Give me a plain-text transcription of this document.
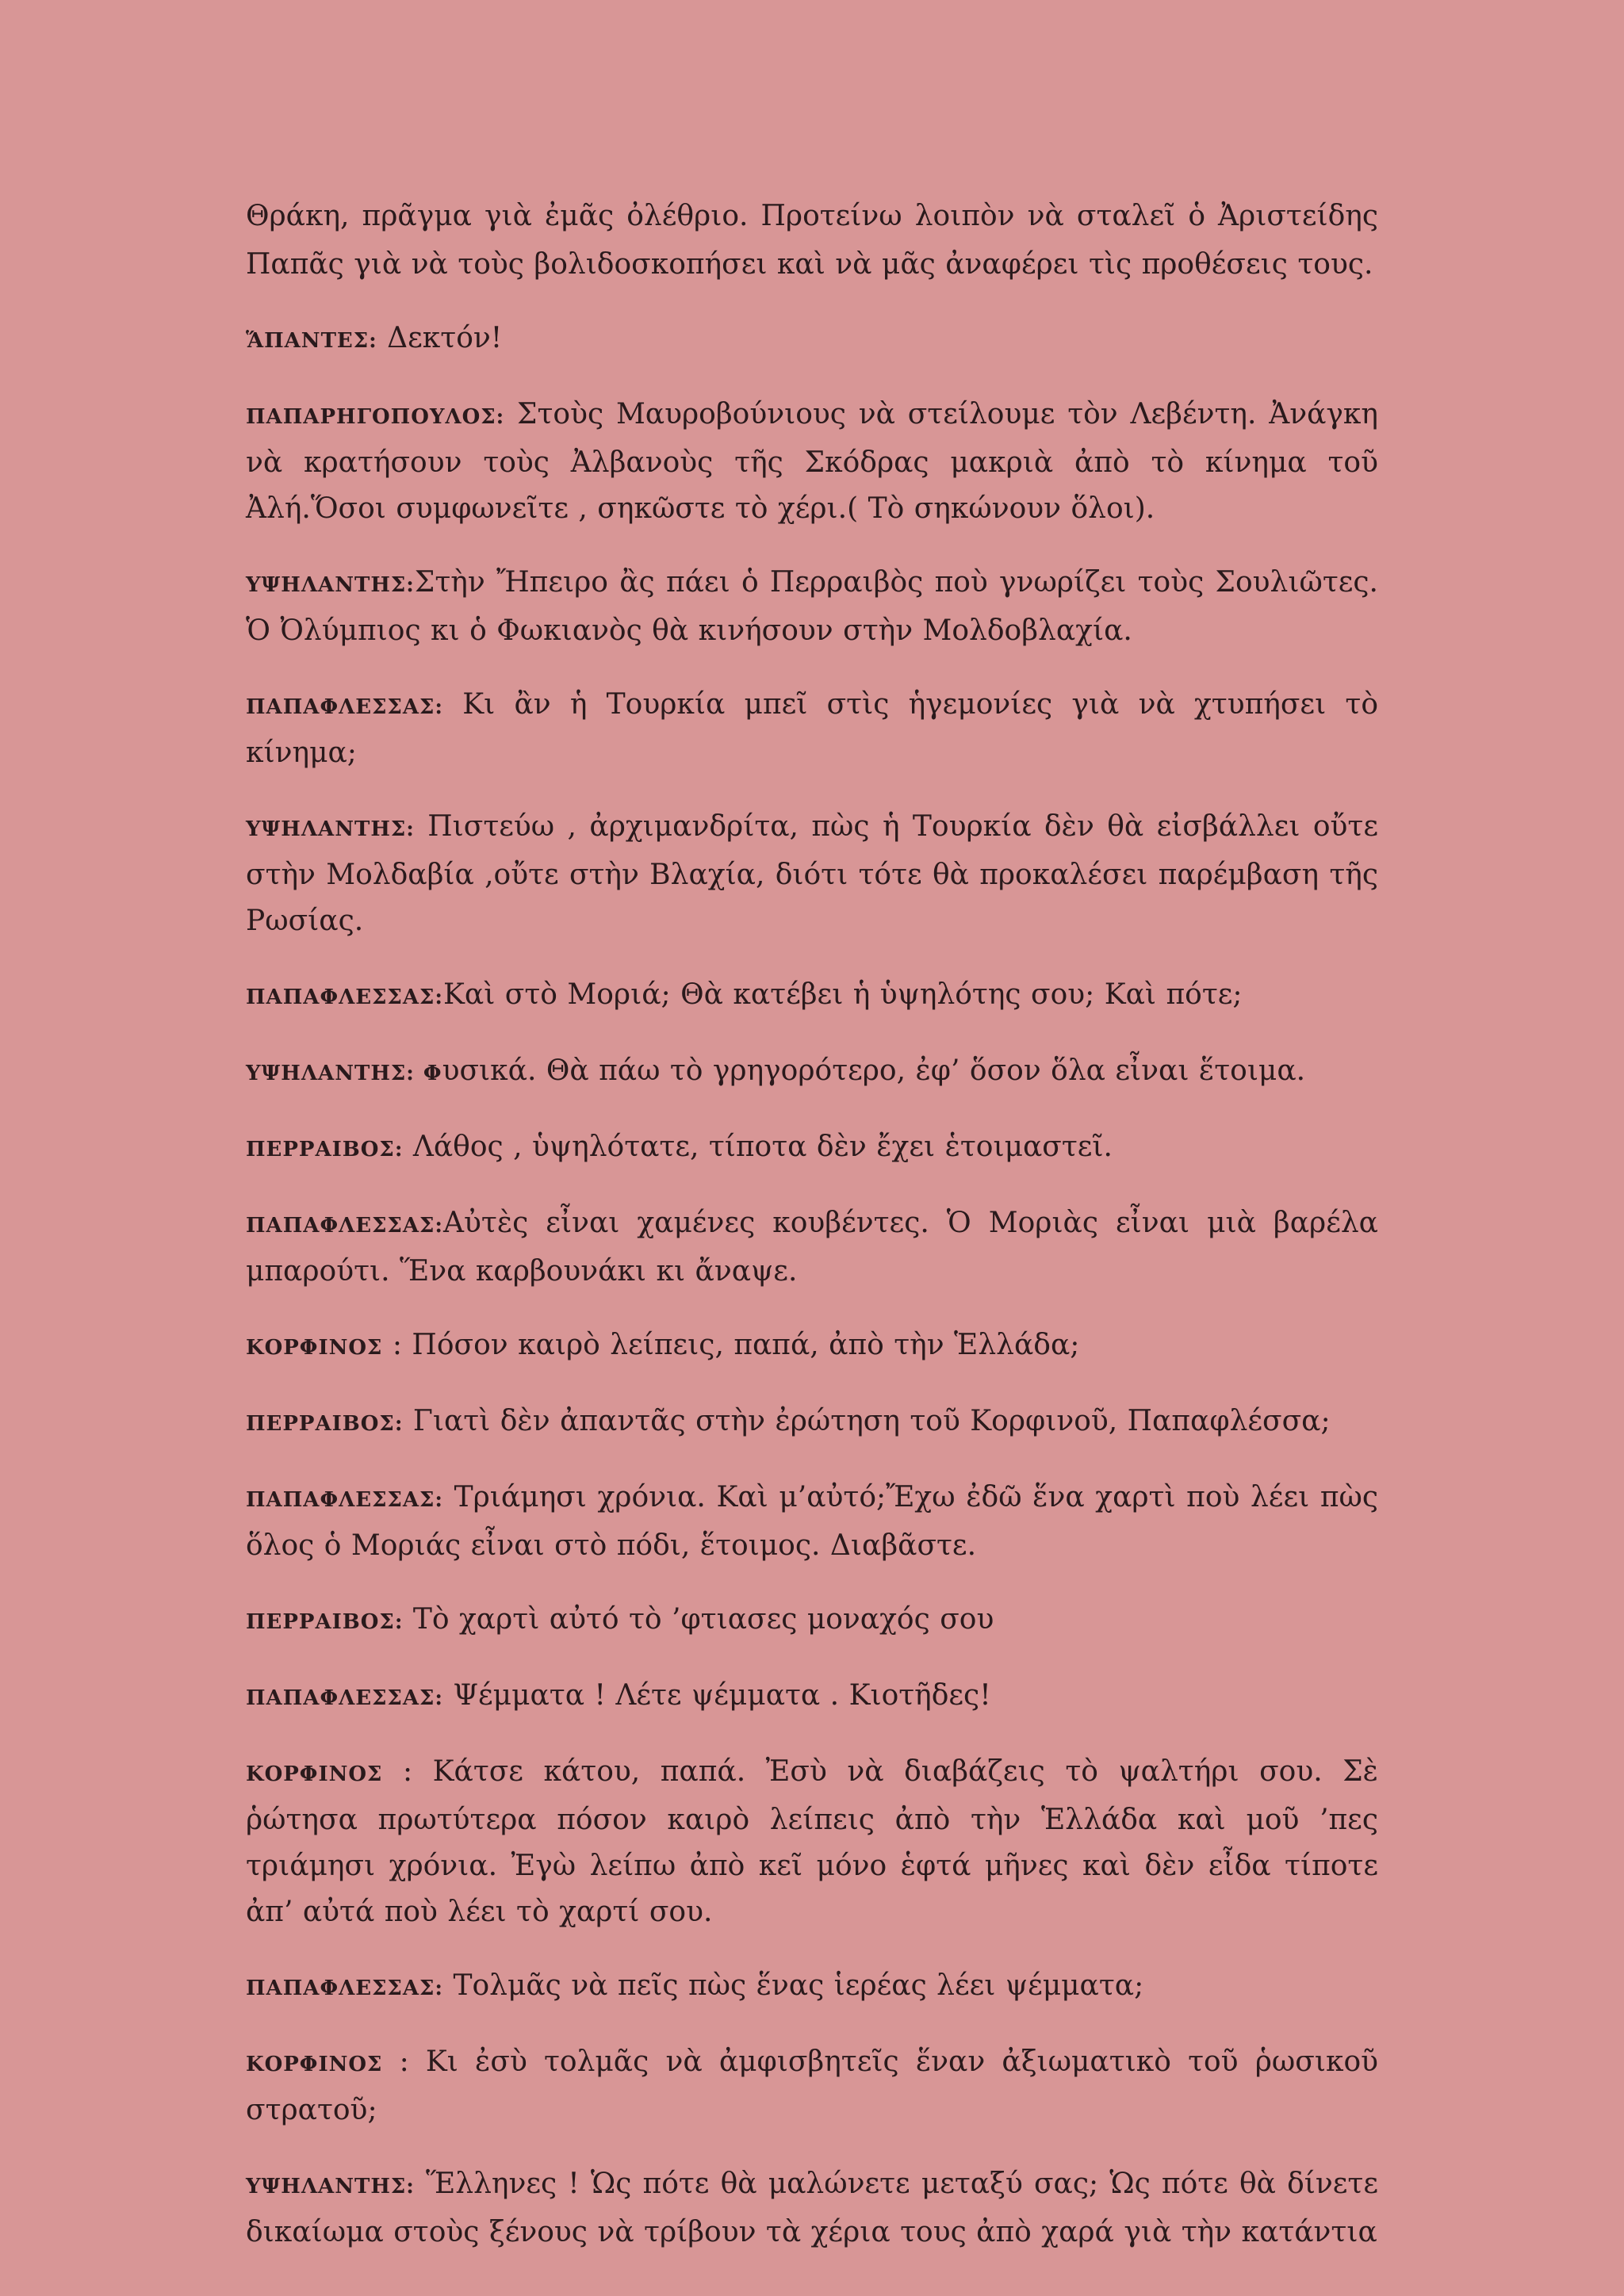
Θράκη, πρᾶγμα γιὰ ἐμᾶς ὀλέθριο. Προτείνω λοιπὸν νὰ σταλεῖ ὁ Ἀριστείδης Παπᾶς γιὰ νὰ τοὺς βολιδοσκοπήσει καὶ νὰ μᾶς ἀναφέρει τὶς προθέσεις τους.

ἍΠΑΝΤΕΣ: Δεκτόν!

ΠΑΠΑΡΗΓΟΠΟΥΛΟΣ: Στοὺς Μαυροβούνιους νὰ στείλουμε τὸν Λεβέντη. Ἀνάγκη νὰ κρατήσουν τοὺς Ἀλβανοὺς τῆς Σκόδρας μακριὰ ἀπὸ τὸ κίνημα τοῦ Ἀλή.Ὅσοι συμφωνεῖτε , σηκῶστε τὸ χέρι.( Τὸ σηκώνουν ὅλοι).

ΥΨΗΛΑΝΤΗΣ:Στὴν Ἤπειρο ἂς πάει ὁ Περραιβὸς ποὺ γνωρίζει τοὺς Σουλιῶτες. Ὁ Ὀλύμπιος κι ὁ Φωκιανὸς θὰ κινήσουν στὴν Μολδοβλαχία.

ΠΑΠΑΦΛΕΣΣΑΣ: Κι ἂν ἡ Τουρκία μπεῖ στὶς ἡγεμονίες γιὰ νὰ χτυπήσει τὸ κίνημα;

ΥΨΗΛΑΝΤΗΣ: Πιστεύω , ἀρχιμανδρίτα, πὼς ἡ Τουρκία δὲν θὰ εἰσβάλλει οὔτε στὴν Μολδαβία ,οὔτε στὴν Βλαχία, διότι τότε θὰ προκαλέσει παρέμβαση τῆς Ρωσίας.

ΠΑΠΑΦΛΕΣΣΑΣ:Καὶ στὸ Μοριά; Θὰ κατέβει ἡ ὑψηλότης σου; Καὶ πότε;

ΥΨΗΛΑΝΤΗΣ: Φυσικά. Θὰ πάω τὸ γρηγορότερο, ἐφ’ ὅσον ὅλα εἶναι ἕτοιμα.

ΠΕΡΡΑΙΒΟΣ: Λάθος , ὑψηλότατε, τίποτα δὲν ἔχει ἑτοιμαστεῖ.

ΠΑΠΑΦΛΕΣΣΑΣ:Αὐτὲς εἶναι χαμένες κουβέντες. Ὁ Μοριὰς εἶναι μιὰ βαρέλα μπαρούτι. Ἕνα καρβουνάκι κι ἄναψε.

ΚΟΡΦΙΝΟΣ : Πόσον καιρὸ λείπεις, παπά, ἀπὸ τὴν Ἑλλάδα;

ΠΕΡΡΑΙΒΟΣ: Γιατὶ δὲν ἀπαντᾶς στὴν ἐρώτηση τοῦ Κορφινοῦ, Παπαφλέσσα;

ΠΑΠΑΦΛΕΣΣΑΣ: Τριάμησι χρόνια. Καὶ μ’αὐτό;Ἔχω ἐδῶ ἕνα χαρτὶ ποὺ λέει πὼς ὅλος ὁ Μοριάς εἶναι στὸ πόδι, ἕτοιμος. Διαβᾶστε.

ΠΕΡΡΑΙΒΟΣ: Τὸ χαρτὶ αὐτό τὸ ’φτιασες μοναχός σου

ΠΑΠΑΦΛΕΣΣΑΣ: Ψέμματα ! Λέτε ψέμματα . Κιοτῆδες!

ΚΟΡΦΙΝΟΣ : Κάτσε κάτου, παπά. Ἐσὺ νὰ διαβάζεις τὸ ψαλτήρι σου. Σὲ ῥώτησα πρωτύτερα πόσον καιρὸ λείπεις ἀπὸ τὴν Ἑλλάδα καὶ μοῦ ’πες τριάμησι χρόνια. Ἐγὼ λείπω ἀπὸ κεῖ μόνο ἑφτά μῆνες καὶ δὲν εἶδα τίποτε ἀπ’ αὐτά ποὺ λέει τὸ χαρτί σου.

ΠΑΠΑΦΛΕΣΣΑΣ: Τολμᾶς νὰ πεῖς πὼς ἕνας ἱερέας λέει ψέμματα;

ΚΟΡΦΙΝΟΣ : Κι ἐσὺ τολμᾶς νὰ ἀμφισβητεῖς ἕναν ἀξιωματικὸ τοῦ ῥωσικοῦ στρατοῦ;

ΥΨΗΛΑΝΤΗΣ: Ἕλληνες ! Ὡς πότε θὰ μαλώνετε μεταξύ σας; Ὡς πότε θὰ δίνετε δικαίωμα στοὺς ξένους νὰ τρίβουν τὰ χέρια τους ἀπὸ χαρά γιὰ τὴν κατάντια
